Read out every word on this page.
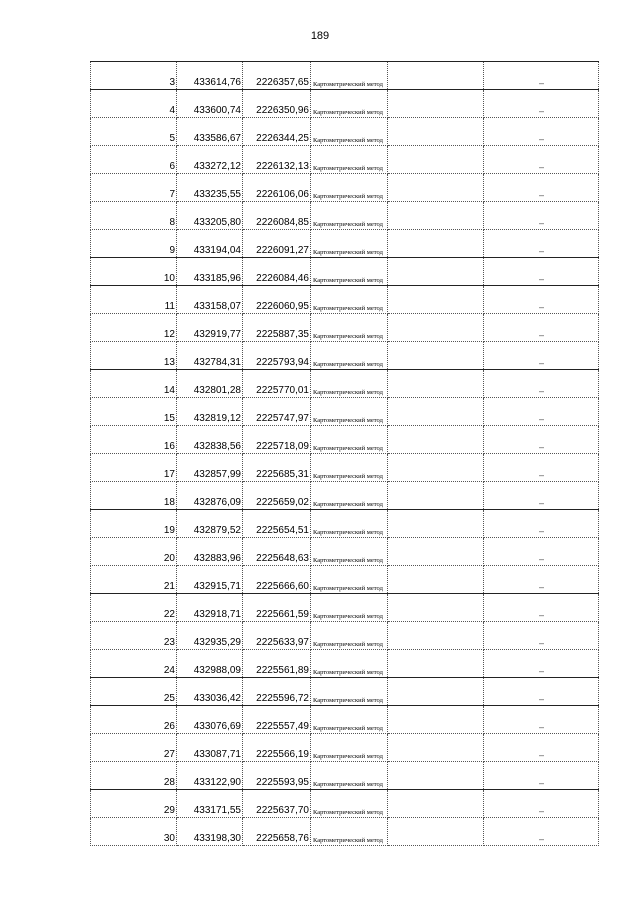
189
3	433614,76	2226357,65	Картометрический метод		–
4	433600,74	2226350,96	Картометрический метод		–
5	433586,67	2226344,25	Картометрический метод		–
6	433272,12	2226132,13	Картометрический метод		–
7	433235,55	2226106,06	Картометрический метод		–
8	433205,80	2226084,85	Картометрический метод		–
9	433194,04	2226091,27	Картометрический метод		–
10	433185,96	2226084,46	Картометрический метод		–
11	433158,07	2226060,95	Картометрический метод		–
12	432919,77	2225887,35	Картометрический метод		–
13	432784,31	2225793,94	Картометрический метод		–
14	432801,28	2225770,01	Картометрический метод		–
15	432819,12	2225747,97	Картометрический метод		–
16	432838,56	2225718,09	Картометрический метод		–
17	432857,99	2225685,31	Картометрический метод		–
18	432876,09	2225659,02	Картометрический метод		–
19	432879,52	2225654,51	Картометрический метод		–
20	432883,96	2225648,63	Картометрический метод		–
21	432915,71	2225666,60	Картометрический метод		–
22	432918,71	2225661,59	Картометрический метод		–
23	432935,29	2225633,97	Картометрический метод		–
24	432988,09	2225561,89	Картометрический метод		–
25	433036,42	2225596,72	Картометрический метод		–
26	433076,69	2225557,49	Картометрический метод		–
27	433087,71	2225566,19	Картометрический метод		–
28	433122,90	2225593,95	Картометрический метод		–
29	433171,55	2225637,70	Картометрический метод		–
30	433198,30	2225658,76	Картометрический метод		–
